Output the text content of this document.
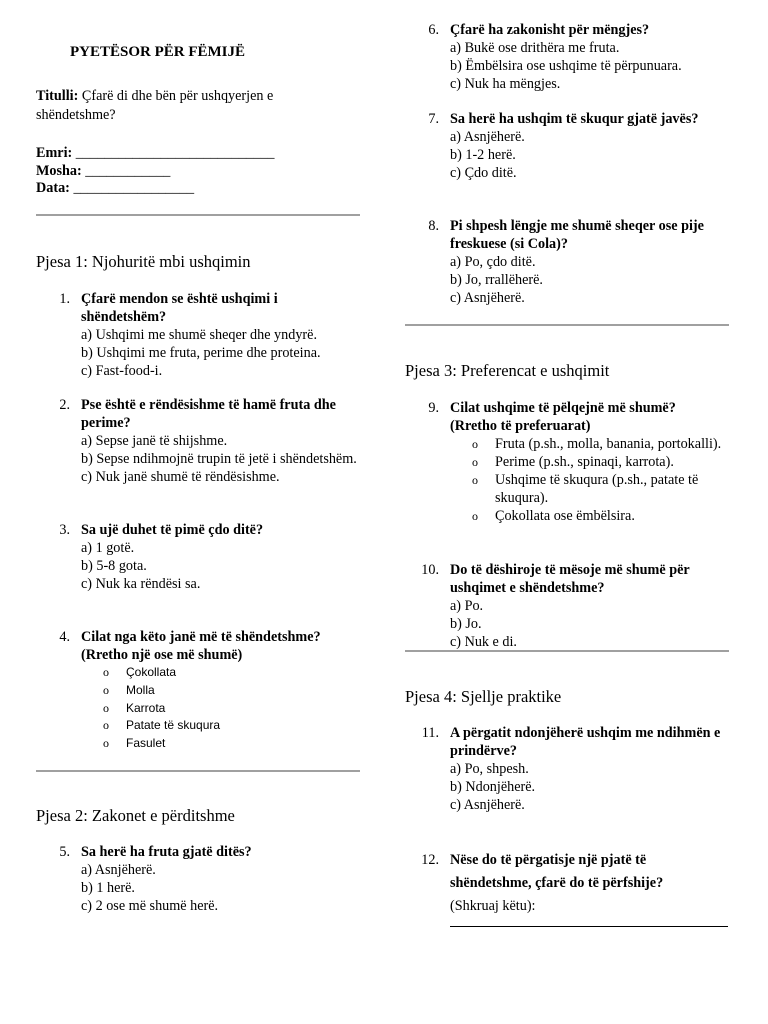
PYETËSOR PËR FËMIJË
Titulli: Çfarë di dhe bën për ushqyerjen e shëndetshme?
Emri: ____________________________
Mosha: ____________
Data: _________________
Pjesa 1: Njohuritë mbi ushqimin
1. Çfarë mendon se është ushqimi i shëndetshëm?
a) Ushqimi me shumë sheqer dhe yndyrë.
b) Ushqimi me fruta, perime dhe proteina.
c) Fast-food-i.
2. Pse është e rëndësishme të hamë fruta dhe perime?
a) Sepse janë të shijshme.
b) Sepse ndihmojnë trupin të jetë i shëndetshëm.
c) Nuk janë shumë të rëndësishme.
3. Sa ujë duhet të pimë çdo ditë?
a) 1 gotë.
b) 5-8 gota.
c) Nuk ka rëndësi sa.
4. Cilat nga këto janë më të shëndetshme? (Rretho një ose më shumë)
o Çokollata
o Molla
o Karrota
o Patate të skuqura
o Fasulet
Pjesa 2: Zakonet e përditshme
5. Sa herë ha fruta gjatë ditës?
a) Asnjëherë.
b) 1 herë.
c) 2 ose më shumë herë.
6. Çfarë ha zakonisht për mëngjes?
a) Bukë ose drithëra me fruta.
b) Ëmbëlsira ose ushqime të përpunuara.
c) Nuk ha mëngjes.
7. Sa herë ha ushqim të skuqur gjatë javës?
a) Asnjëherë.
b) 1-2 herë.
c) Çdo ditë.
8. Pi shpesh lëngje me shumë sheqer ose pije freskuese (si Cola)?
a) Po, çdo ditë.
b) Jo, rrallëherë.
c) Asnjëherë.
Pjesa 3: Preferencat e ushqimit
9. Cilat ushqime të pëlqejnë më shumë? (Rretho të preferuarat)
o Fruta (p.sh., molla, banania, portokalli).
o Perime (p.sh., spinaqi, karrota).
o Ushqime të skuqura (p.sh., patate të skuqura).
o Çokollata ose ëmbëlsira.
10. Do të dëshiroje të mësoje më shumë për ushqimet e shëndetshme?
a) Po.
b) Jo.
c) Nuk e di.
Pjesa 4: Sjellje praktike
11. A përgatit ndonjëherë ushqim me ndihmën e prindërve?
a) Po, shpesh.
b) Ndonjëherë.
c) Asnjëherë.
12. Nëse do të përgatisje një pjatë të shëndetshme, çfarë do të përfshije?
(Shkruaj këtu):
